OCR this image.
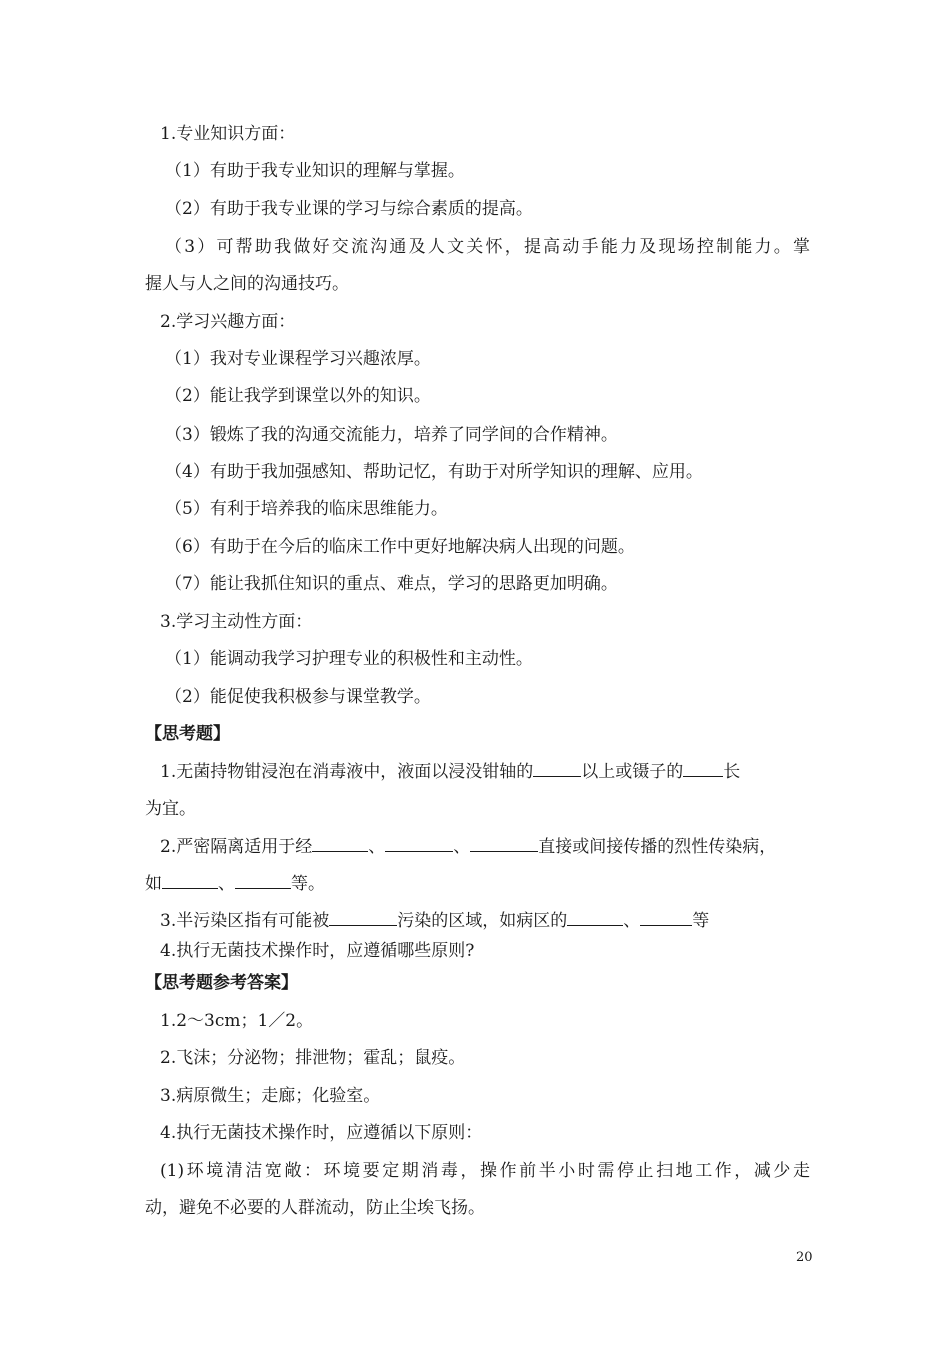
1.专业知识方面：
（1）有助于我专业知识的理解与掌握。
（2）有助于我专业课的学习与综合素质的提高。
（3）可帮助我做好交流沟通及人文关怀，提高动手能力及现场控制能力。掌
握人与人之间的沟通技巧。
2.学习兴趣方面：
（1）我对专业课程学习兴趣浓厚。
（2）能让我学到课堂以外的知识。
（3）锻炼了我的沟通交流能力，培养了同学间的合作精神。
（4）有助于我加强感知、帮助记忆，有助于对所学知识的理解、应用。
（5）有利于培养我的临床思维能力。
（6）有助于在今后的临床工作中更好地解决病人出现的问题。
（7）能让我抓住知识的重点、难点，学习的思路更加明确。
3.学习主动性方面：
（1）能调动我学习护理专业的积极性和主动性。
（2）能促使我积极参与课堂教学。
【思考题】
1.无菌持物钳浸泡在消毒液中，液面以浸没钳轴的	以上或镊子的 长
为宜。
2.严密隔离适用于经	、	、	直接或间接传播的烈性传染病，
如	、	等。
3.半污染区指有可能被	污染的区域，如病区的	、	等
4.执行无菌技术操作时，应遵循哪些原则?
【思考题参考答案】
1.2～3cm；1／2。
2.飞沫；分泌物；排泄物；霍乱；鼠疫。
3.病原微生；走廊；化验室。
4.执行无菌技术操作时，应遵循以下原则：
(1)环境清洁宽敞：环境要定期消毒，操作前半小时需停止扫地工作，减少走
动，避免不必要的人群流动，防止尘埃飞扬。
20
